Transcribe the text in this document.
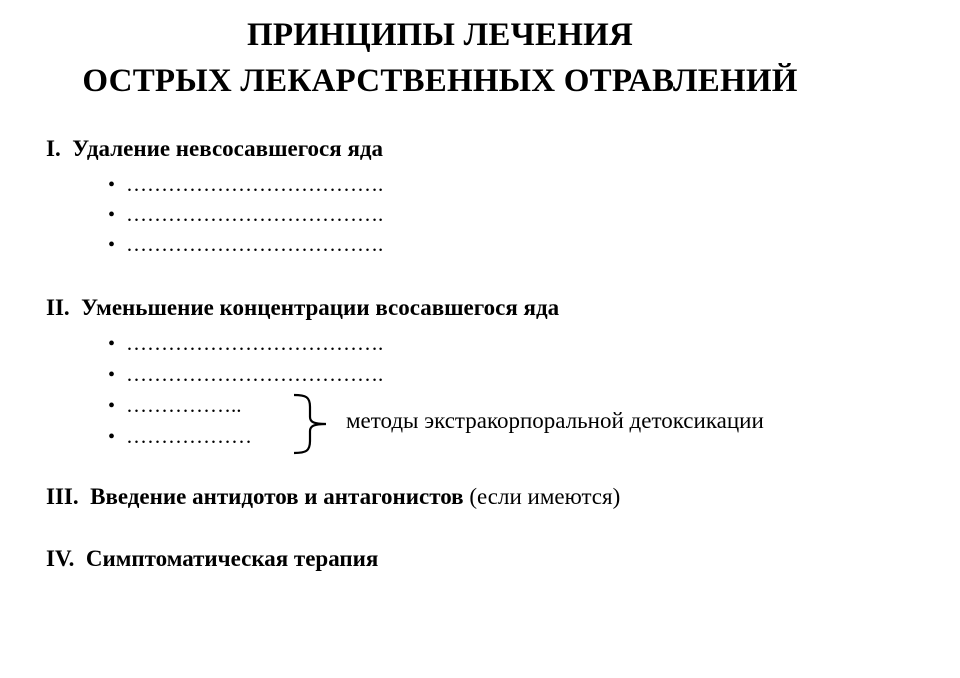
ПРИНЦИПЫ ЛЕЧЕНИЯ
ОСТРЫХ ЛЕКАРСТВЕННЫХ ОТРАВЛЕНИЙ
I. Удаление невсосавшегося яда
• ……………………………….
• ……………………………….
• ……………………………….
II. Уменьшение концентрации всосавшегося яда
• ……………………………….
• ……………………………….
• ……………..
• ………………
методы экстракорпоральной детоксикации
III. Введение антидотов и антагонистов (если имеются)
IV. Симптоматическая терапия
